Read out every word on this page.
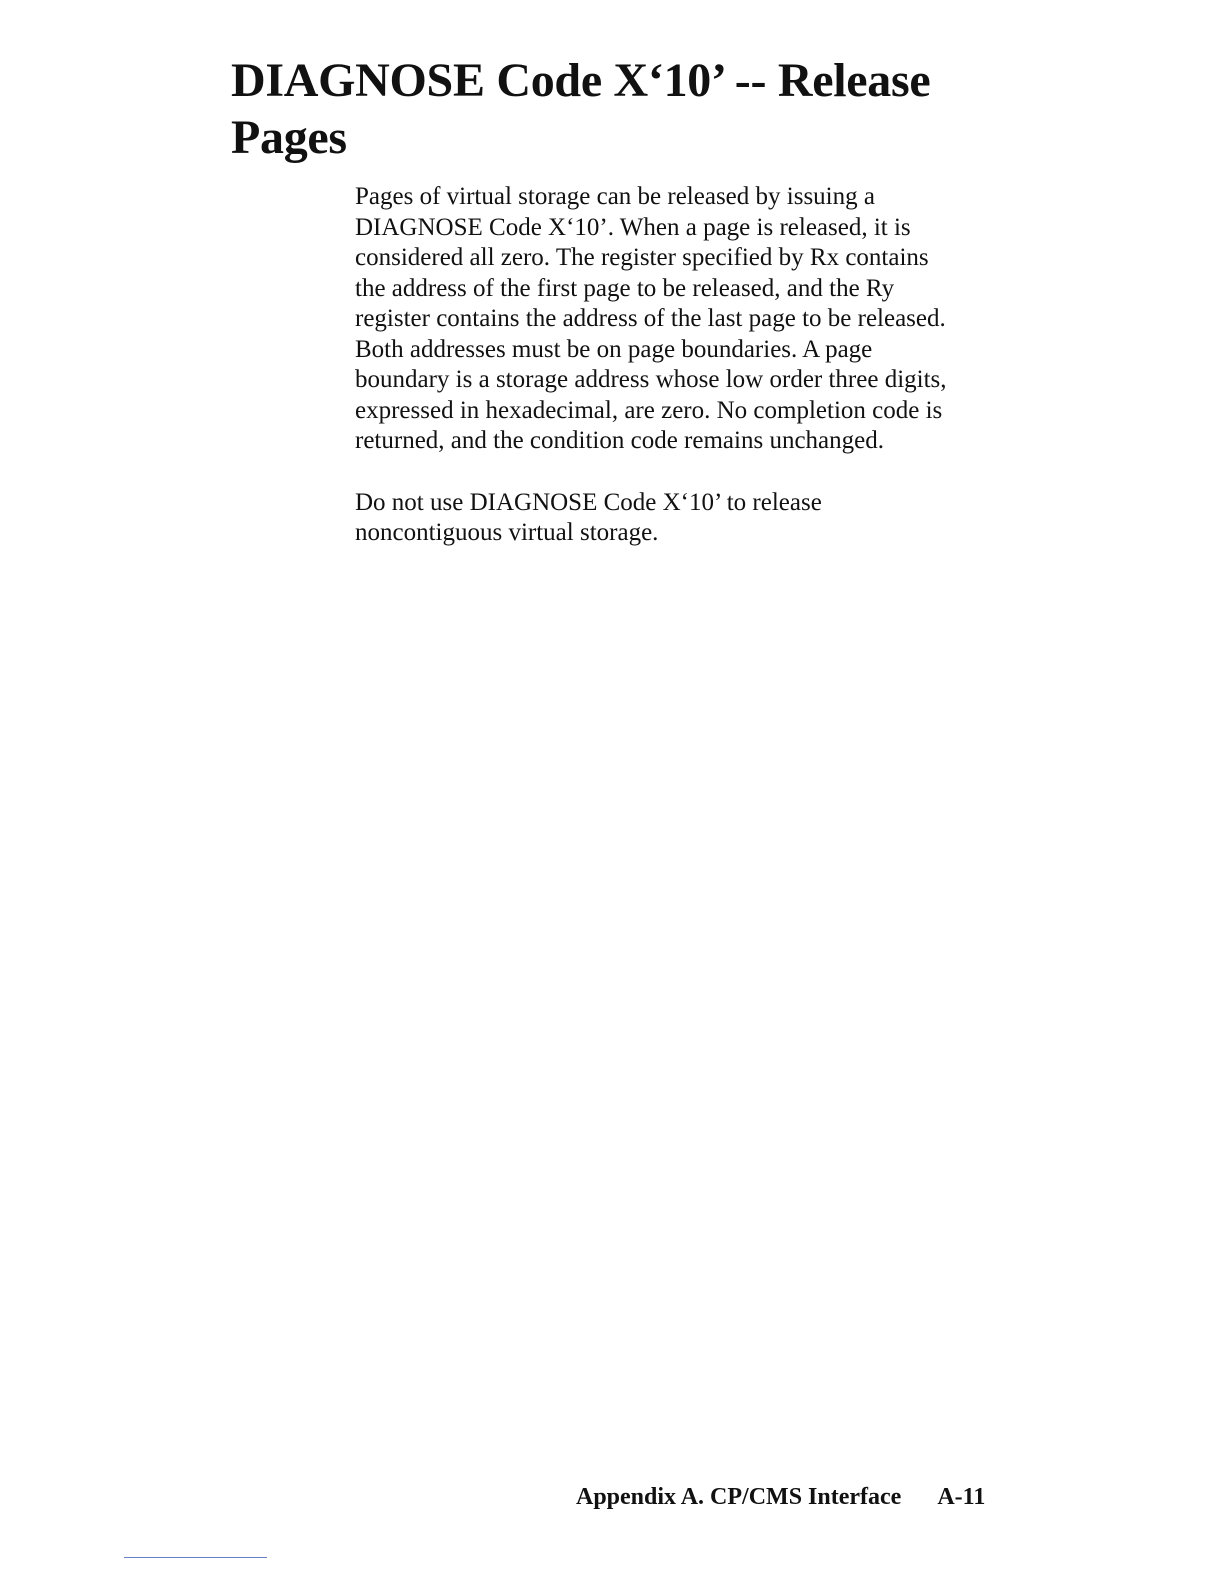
DIAGNOSE Code X‘10’ -- Release
Pages

Pages of virtual storage can be released by issuing a
DIAGNOSE Code X‘10’. When a page is released, it is
considered all zero. The register specified by Rx contains
the address of the first page to be released, and the Ry
register contains the address of the last page to be released.
Both addresses must be on page boundaries. A page
boundary is a storage address whose low order three digits,
expressed in hexadecimal, are zero. No completion code is
returned, and the condition code remains unchanged.

Do not use DIAGNOSE Code X‘10’ to release
noncontiguous virtual storage.

Appendix A. CP/CMS Interface A-11
